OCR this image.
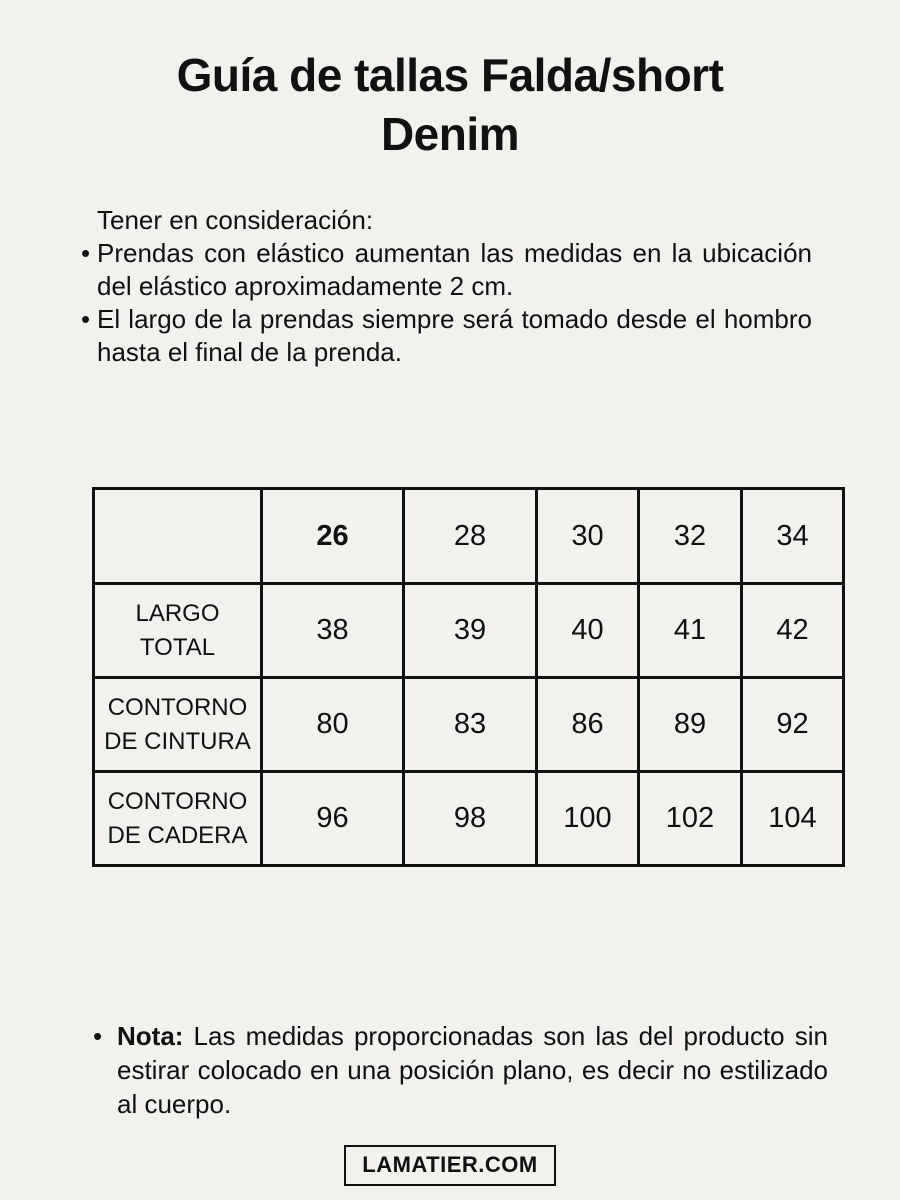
Guía de tallas Falda/short
Denim

Tener en consideración:

• Prendas con elástico aumentan las medidas en la ubicación del elástico aproximadamente 2 cm.
• El largo de la prendas siempre será tomado desde el hombro hasta el final de la prenda.
	26	28	30	32	34
LARGO TOTAL	38	39	40	41	42
CONTORNO DE CINTURA	80	83	86	89	92
CONTORNO DE CADERA	96	98	100	102	104
• Nota: Las medidas proporcionadas son las del producto sin estirar colocado en una posición plano, es decir no estilizado al cuerpo.
LAMATIER.COM
